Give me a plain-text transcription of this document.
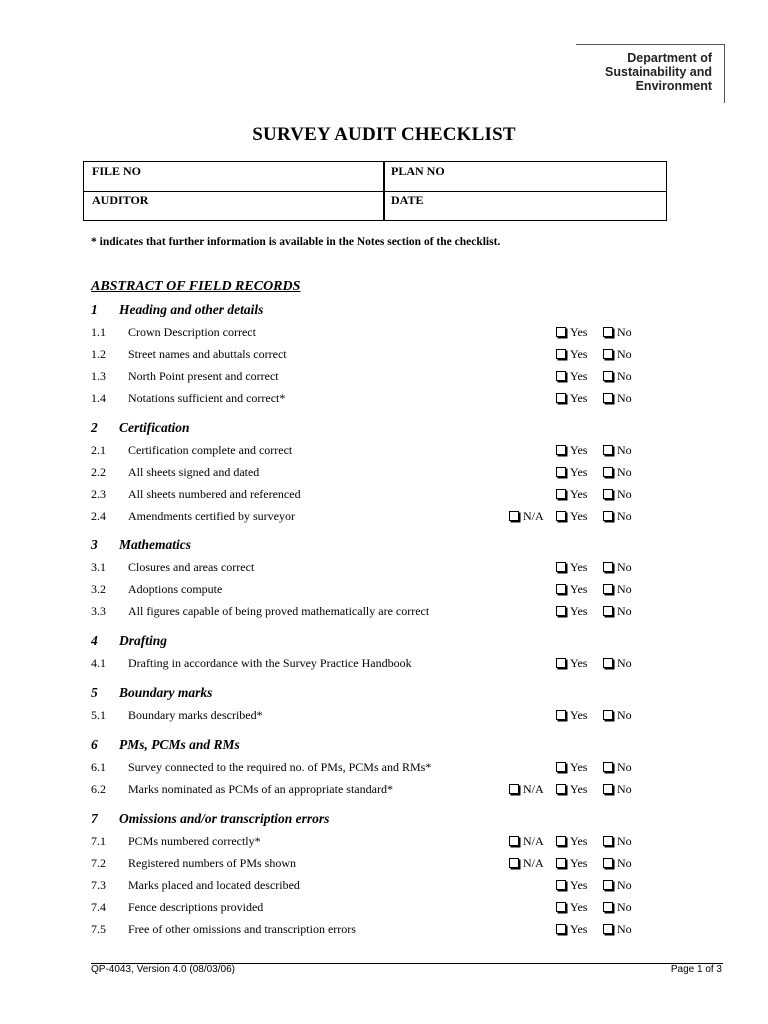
Department of
Sustainability and
Environment
SURVEY AUDIT CHECKLIST
FILE NO	PLAN NO
AUDITOR	DATE
* indicates that further information is available in the Notes section of the checklist.
ABSTRACT OF FIELD RECORDS
1 Heading and other details
1.1 Crown Description correct	Yes	No
1.2 Street names and abuttals correct	Yes	No
1.3 North Point present and correct	Yes	No
1.4 Notations sufficient and correct*	Yes	No
2 Certification
2.1 Certification complete and correct	Yes	No
2.2 All sheets signed and dated	Yes	No
2.3 All sheets numbered and referenced	Yes	No
2.4 Amendments certified by surveyor	N/A	Yes	No
3 Mathematics
3.1 Closures and areas correct	Yes	No
3.2 Adoptions compute	Yes	No
3.3 All figures capable of being proved mathematically are correct	Yes	No
4 Drafting
4.1 Drafting in accordance with the Survey Practice Handbook	Yes	No
5 Boundary marks
5.1 Boundary marks described*	Yes	No
6 PMs, PCMs and RMs
6.1 Survey connected to the required no. of PMs, PCMs and RMs*	Yes	No
6.2 Marks nominated as PCMs of an appropriate standard*	N/A	Yes	No
7 Omissions and/or transcription errors
7.1 PCMs numbered correctly*	N/A	Yes	No
7.2 Registered numbers of PMs shown	N/A	Yes	No
7.3 Marks placed and located described	Yes	No
7.4 Fence descriptions provided	Yes	No
7.5 Free of other omissions and transcription errors	Yes	No
QP-4043, Version 4.0 (08/03/06)	Page 1 of 3
